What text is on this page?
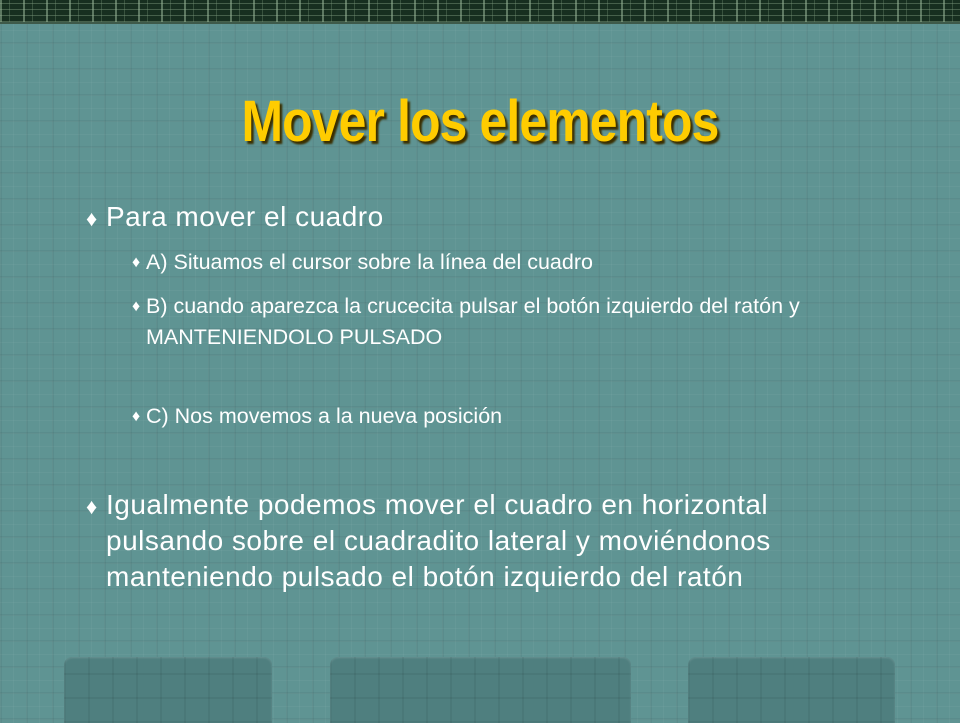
Mover los elementos
♦ Para mover el cuadro
♦ A) Situamos el cursor sobre la línea del cuadro
♦ B) cuando aparezca la crucecita pulsar el botón izquierdo del ratón y MANTENIENDOLO PULSADO
♦ C) Nos movemos a la nueva posición
♦ Igualmente podemos mover el cuadro en horizontal pulsando sobre el cuadradito lateral y moviéndonos manteniendo pulsado el botón izquierdo del ratón
